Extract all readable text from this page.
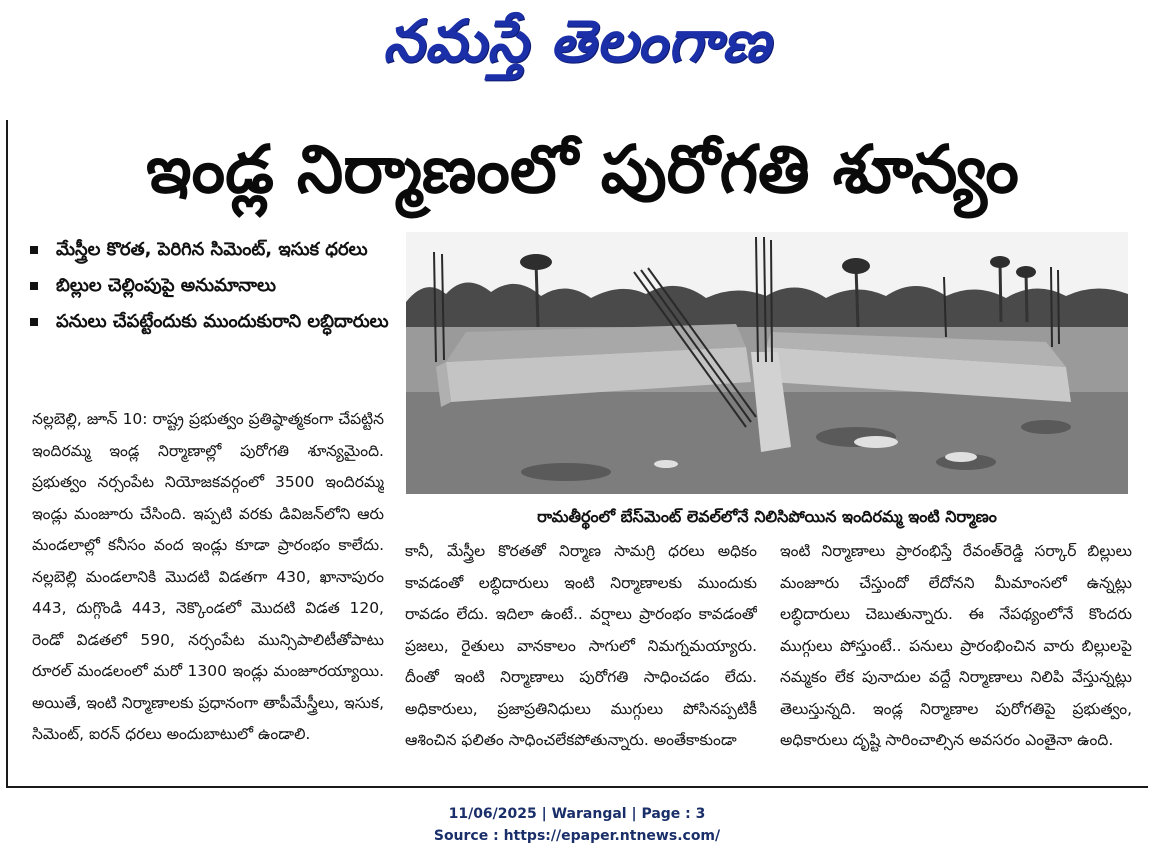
నమస్తే తెలంగాణ
ఇండ్ల నిర్మాణంలో పురోగతి శూన్యం
మేస్త్రీల కొరత, పెరిగిన సిమెంట్, ఇసుక ధరలు
బిల్లుల చెల్లింపుపై అనుమానాలు
పనులు చేపట్టేందుకు ముందుకురాని లబ్ధిదారులు
రామతీర్థంలో బేస్‌మెంట్ లెవల్‌లోనే నిలిసిపోయిన ఇందిరమ్మ ఇంటి నిర్మాణం

నల్లబెల్లి, జూన్ 10: రాష్ట్ర ప్రభుత్వం ప్రతిష్ఠాత్మకంగా చేపట్టిన ఇందిరమ్మ ఇండ్ల నిర్మాణాల్లో పురోగతి శూన్యమైంది. ప్రభుత్వం నర్సంపేట నియోజకవర్గంలో 3500 ఇందిరమ్మ ఇండ్లు మంజూరు చేసింది. ఇప్పటి వరకు డివిజన్‌లోని ఆరు మండలాల్లో కనీసం వంద ఇండ్లు కూడా ప్రారంభం కాలేదు. నల్లబెల్లి మండలానికి మొదటి విడతగా 430, ఖానాపురం 443, దుగ్గొండి 443, నెక్కొండలో మొదటి విడత 120, రెండో విడతలో 590, నర్సంపేట మున్సిపాలిటీతోపాటు రూరల్ మండలంలో మరో 1300 ఇండ్లు మంజూరయ్యాయి. అయితే, ఇంటి నిర్మాణాలకు ప్రధానంగా తాపీమేస్త్రీలు, ఇసుక, సిమెంట్, ఐరన్ ధరలు అందుబాటులో ఉండాలి.

కానీ, మేస్త్రీల కొరతతో నిర్మాణ సామగ్రి ధరలు అధికం కావడంతో లబ్ధిదారులు ఇంటి నిర్మాణాలకు ముందుకు రావడం లేదు. ఇదిలా ఉంటే.. వర్షాలు ప్రారంభం కావడంతో ప్రజలు, రైతులు వానకాలం సాగులో నిమగ్నమయ్యారు. దీంతో ఇంటి నిర్మాణాలు పురోగతి సాధించడం లేదు. అధికారులు, ప్రజాప్రతినిధులు ముగ్గులు పోసినప్పటికీ ఆశించిన ఫలితం సాధించలేకపోతున్నారు. అంతేకాకుండా

ఇంటి నిర్మాణాలు ప్రారంభిస్తే రేవంత్‌రెడ్డి సర్కార్ బిల్లులు మంజూరు చేస్తుందో లేదోనని మీమాంసలో ఉన్నట్లు లబ్ధిదారులు చెబుతున్నారు. ఈ నేపథ్యంలోనే కొందరు ముగ్గులు పోస్తుంటే.. పనులు ప్రారంభించిన వారు బిల్లులపై నమ్మకం లేక పునాదుల వద్దే నిర్మాణాలు నిలిపి వేస్తున్నట్లు తెలుస్తున్నది. ఇండ్ల నిర్మాణాల పురోగతిపై ప్రభుత్వం, అధికారులు దృష్టి సారించాల్సిన అవసరం ఎంతైనా ఉంది.

11/06/2025 | Warangal | Page : 3
Source : https://epaper.ntnews.com/
